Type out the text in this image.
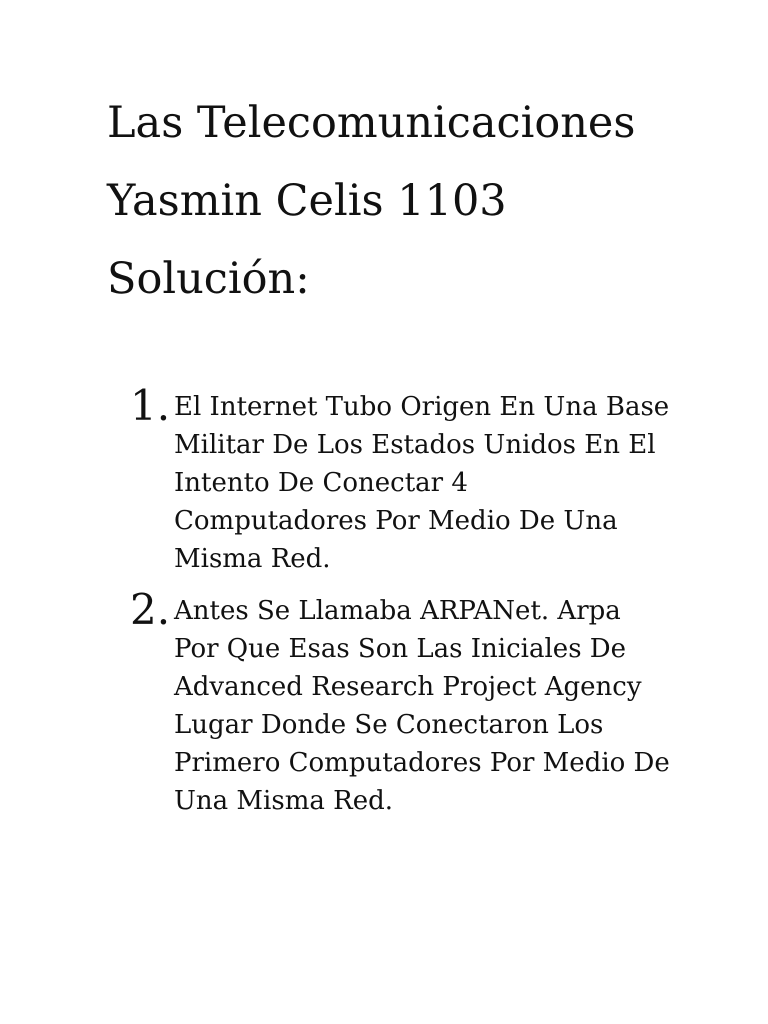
Las Telecomunicaciones
Yasmin Celis 1103
Solución:
1. El Internet Tubo Origen En Una Base
Militar De Los Estados Unidos En El
Intento De Conectar 4
Computadores Por Medio De Una
Misma Red.
2. Antes Se Llamaba ARPANet. Arpa
Por Que Esas Son Las Iniciales De
Advanced Research Project Agency
Lugar Donde Se Conectaron Los
Primero Computadores Por Medio De
Una Misma Red.
